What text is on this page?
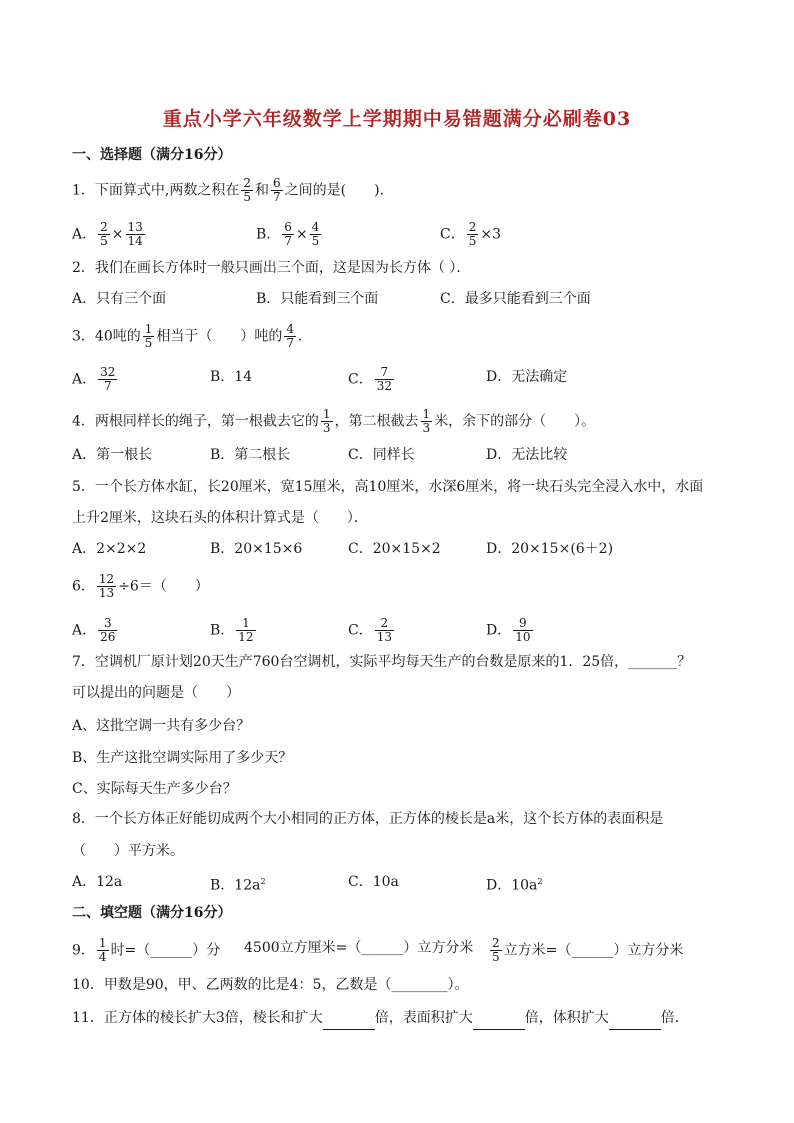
重点小学六年级数学上学期期中易错题满分必刷卷03
一、选择题（满分16分）
1．下面算式中,两数之积在 $\frac{2}{5}$ 和 $\frac{6}{7}$ 之间的是(　　)．
A． $\frac{2}{5} \times \frac{13}{14}$	B． $\frac{6}{7} \times \frac{4}{5}$	C． $\frac{2}{5} \times 3$
2．我们在画长方体时一般只画出三个面，这是因为长方体（ ）．
A．只有三个面	B．只能看到三个面	C．最多只能看到三个面
3．40吨的 $\frac{1}{5}$ 相当于（　　）吨的 $\frac{4}{7}$ ．
A． $\frac{32}{7}$	B．14	C． $\frac{7}{32}$	D．无法确定
4．两根同样长的绳子，第一根截去它的 $\frac{1}{3}$ ，第二根截去 $\frac{1}{3}$ 米，余下的部分（　　）。
A．第一根长	B．第二根长	C．同样长	D．无法比较
5．一个长方体水缸，长20厘米，宽15厘米，高10厘米，水深6厘米，将一块石头完全浸入水中，水面
上升2厘米，这块石头的体积计算式是（　　）．
A．2×2×2	B．20×15×6	C．20×15×2	D．20×15×(6＋2)
6． $\frac{12}{13} \div 6=$（　　）
A． $\frac{3}{26}$	B． $\frac{1}{12}$	C． $\frac{2}{13}$	D． $\frac{9}{10}$
7．空调机厂原计划20天生产760台空调机，实际平均每天生产的台数是原来的1．25倍，_______？
可以提出的问题是（　　）
A、这批空调一共有多少台？
B、生产这批空调实际用了多少天？
C、实际每天生产多少台？
8．一个长方体正好能切成两个大小相同的正方体，正方体的棱长是a米，这个长方体的表面积是
（　　）平方米。
A．12a	B．$12a^2$	C．10a	D．$10a^2$
二、填空题（满分16分）
9． $\frac{1}{4}$ 时=（______）分 4500立方厘米=（______）立方分米 $\frac{2}{5}$ 立方米=（______）立方分米
10．甲数是90，甲、乙两数的比是4：5，乙数是（________）。
11．正方体的棱长扩大3倍，棱长和扩大	倍，表面积扩大	倍，体积扩大	倍．
